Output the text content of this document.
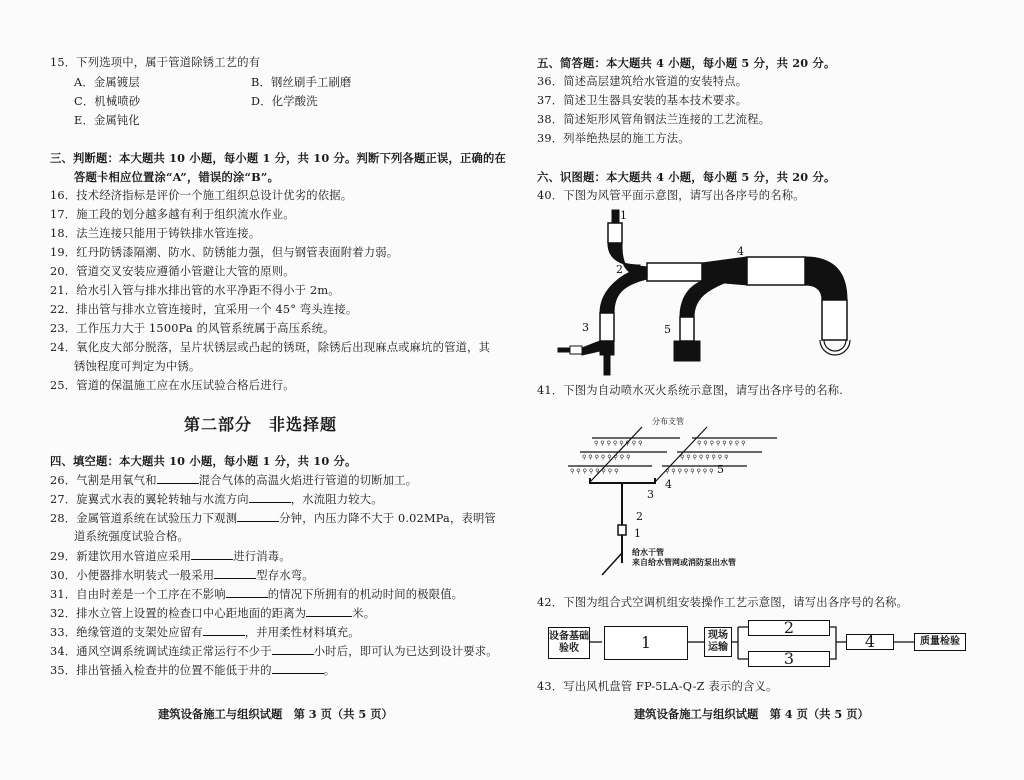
15．下列选项中，属于管道除锈工艺的有
A．金属镀层	B．钢丝刷手工刷磨
C．机械喷砂	D．化学酸洗
E．金属钝化
三、判断题：本大题共 10 小题，每小题 1 分，共 10 分。判断下列各题正误，正确的在
答题卡相应位置涂“A”，错误的涂“B”。
16．技术经济指标是评价一个施工组织总设计优劣的依据。
17．施工段的划分越多越有利于组织流水作业。
18．法兰连接只能用于铸铁排水管连接。
19．红丹防锈漆隔潮、防水、防锈能力强，但与钢管表面附着力弱。
20．管道交叉安装应遵循小管避让大管的原则。
21．给水引入管与排水排出管的水平净距不得小于 2m。
22．排出管与排水立管连接时，宜采用一个 45° 弯头连接。
23．工作压力大于 1500Pa 的风管系统属于高压系统。
24．氧化皮大部分脱落，呈片状锈层或凸起的锈斑，除锈后出现麻点或麻坑的管道，其
锈蚀程度可判定为中锈。
25．管道的保温施工应在水压试验合格后进行。
第二部分　非选择题
四、填空题：本大题共 10 小题，每小题 1 分，共 10 分。
26．气割是用氧气和	混合气体的高温火焰进行管道的切断加工。
27．旋翼式水表的翼轮转轴与水流方向	，水流阻力较大。
28．金属管道系统在试验压力下观测	分钟，内压力降不大于 0.02MPa，表明管
道系统强度试验合格。
29．新建饮用水管道应采用	进行消毒。
30．小便器排水明装式一般采用	型存水弯。
31．自由时差是一个工序在不影响	的情况下所拥有的机动时间的极限值。
32．排水立管上设置的检查口中心距地面的距离为	米。
33．绝缘管道的支架处应留有	，并用柔性材料填充。
34．通风空调系统调试连续正常运行不少于	小时后，即可认为已达到设计要求。
35．排出管插入检查井的位置不能低于井的	。
建筑设备施工与组织试题　第 3 页（共 5 页）
五、简答题：本大题共 4 小题，每小题 5 分，共 20 分。
36．简述高层建筑给水管道的安装特点。
37．简述卫生器具安装的基本技术要求。
38．简述矩形风管角钢法兰连接的工艺流程。
39．列举绝热层的施工方法。
六、识图题：本大题共 4 小题，每小题 5 分，共 20 分。
40．下图为风管平面示意图，请写出各序号的名称。
1
2
3
4
5
41．下图为自动喷水灭火系统示意图，请写出各序号的名称.
⚲ ⚲ ⚲ ⚲ ⚲ ⚲ ⚲ ⚲	⚲ ⚲ ⚲ ⚲ ⚲ ⚲ ⚲ ⚲
⚲ ⚲ ⚲ ⚲ ⚲ ⚲ ⚲ ⚲	⚲ ⚲ ⚲ ⚲ ⚲ ⚲ ⚲ ⚲
⚲ ⚲ ⚲ ⚲ ⚲ ⚲ ⚲ ⚲	⚲ ⚲ ⚲ ⚲ ⚲ ⚲ ⚲ ⚲
分布支管
5
4
3
2
1
给水干管
来自给水管网或消防泵出水管
42．下图为组合式空调机组安装操作工艺示意图，请写出各序号的名称。
设备基础验收	1	现场运输
2
3
4	质量检验
43．写出风机盘管 FP-5LA-Q-Z 表示的含义。
建筑设备施工与组织试题　第 4 页（共 5 页）
